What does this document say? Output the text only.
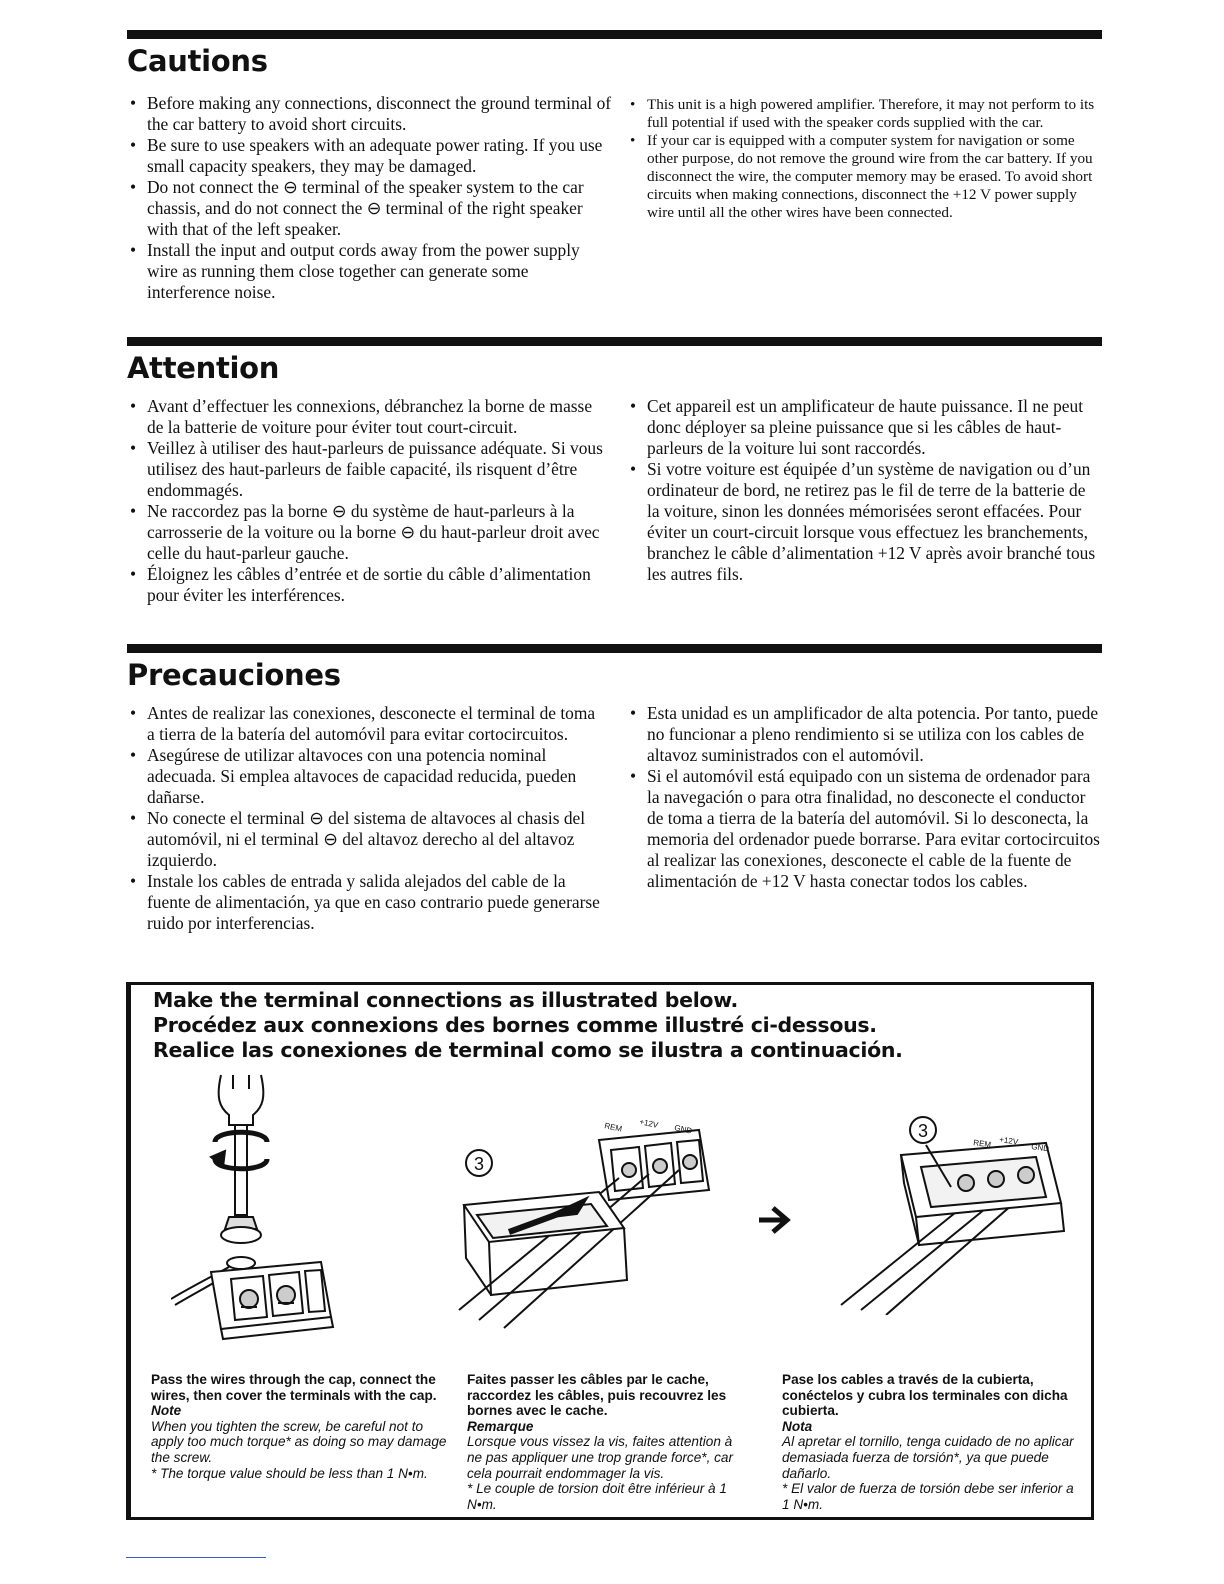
Cautions
• Before making any connections, disconnect the ground terminal of the car battery to avoid short circuits.
• Be sure to use speakers with an adequate power rating. If you use small capacity speakers, they may be damaged.
• Do not connect the ⊖ terminal of the speaker system to the car chassis, and do not connect the ⊖ terminal of the right speaker with that of the left speaker.
• Install the input and output cords away from the power supply wire as running them close together can generate some interference noise.
• This unit is a high powered amplifier. Therefore, it may not perform to its full potential if used with the speaker cords supplied with the car.
• If your car is equipped with a computer system for navigation or some other purpose, do not remove the ground wire from the car battery. If you disconnect the wire, the computer memory may be erased. To avoid short circuits when making connections, disconnect the +12 V power supply wire until all the other wires have been connected.
Attention
• Avant d’effectuer les connexions, débranchez la borne de masse de la batterie de voiture pour éviter tout court-circuit.
• Veillez à utiliser des haut-parleurs de puissance adéquate. Si vous utilisez des haut-parleurs de faible capacité, ils risquent d’être endommagés.
• Ne raccordez pas la borne ⊖ du système de haut-parleurs à la carrosserie de la voiture ou la borne ⊖ du haut-parleur droit avec celle du haut-parleur gauche.
• Éloignez les câbles d’entrée et de sortie du câble d’alimentation pour éviter les interférences.
• Cet appareil est un amplificateur de haute puissance. Il ne peut donc déployer sa pleine puissance que si les câbles de haut-parleurs de la voiture lui sont raccordés.
• Si votre voiture est équipée d’un système de navigation ou d’un ordinateur de bord, ne retirez pas le fil de terre de la batterie de la voiture, sinon les données mémorisées seront effacées. Pour éviter un court-circuit lorsque vous effectuez les branchements, branchez le câble d’alimentation +12 V après avoir branché tous les autres fils.
Precauciones
• Antes de realizar las conexiones, desconecte el terminal de toma a tierra de la batería del automóvil para evitar cortocircuitos.
• Asegúrese de utilizar altavoces con una potencia nominal adecuada. Si emplea altavoces de capacidad reducida, pueden dañarse.
• No conecte el terminal ⊖ del sistema de altavoces al chasis del automóvil, ni el terminal ⊖ del altavoz derecho al del altavoz izquierdo.
• Instale los cables de entrada y salida alejados del cable de la fuente de alimentación, ya que en caso contrario puede generarse ruido por interferencias.
• Esta unidad es un amplificador de alta potencia. Por tanto, puede no funcionar a pleno rendimiento si se utiliza con los cables de altavoz suministrados con el automóvil.
• Si el automóvil está equipado con un sistema de ordenador para la navegación o para otra finalidad, no desconecte el conductor de toma a tierra de la batería del automóvil. Si lo desconecta, la memoria del ordenador puede borrarse. Para evitar cortocircuitos al realizar las conexiones, desconecte el cable de la fuente de alimentación de +12 V hasta conectar todos los cables.
Make the terminal connections as illustrated below.
Procédez aux connexions des bornes comme illustré ci-dessous.
Realice las conexiones de terminal como se ilustra a continuación.
3
REM +12V GND	3
REM +12V
GND
Pass the wires through the cap, connect the wires, then cover the terminals with the cap.
Note
When you tighten the screw, be careful not to apply too much torque* as doing so may damage the screw.
* The torque value should be less than 1 N•m.
Faites passer les câbles par le cache, raccordez les câbles, puis recouvrez les bornes avec le cache.
Remarque
Lorsque vous vissez la vis, faites attention à ne pas appliquer une trop grande force*, car cela pourrait endommager la vis.
* Le couple de torsion doit être inférieur à 1 N•m.
Pase los cables a través de la cubierta, conéctelos y cubra los terminales con dicha cubierta.
Nota
Al apretar el tornillo, tenga cuidado de no aplicar demasiada fuerza de torsión*, ya que puede dañarlo.
* El valor de fuerza de torsión debe ser inferior a 1 N•m.
